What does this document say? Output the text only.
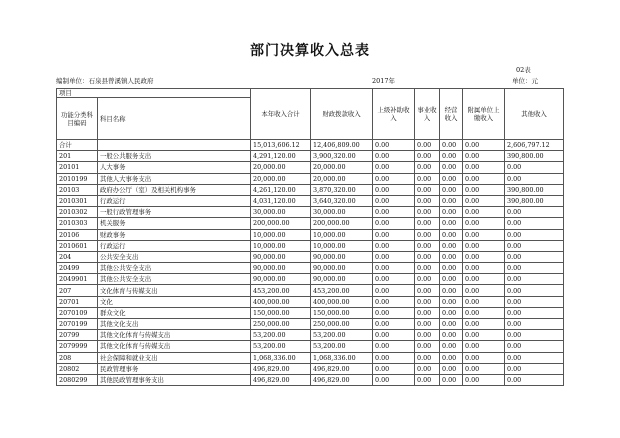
部门决算收入总表
02表
编制单位：石泉县曾溪镇人民政府	2017年	单位：元
项目		本年收入合计	财政拨款收入	上级补助收入	事业收入	经营收入	附属单位上缴收入	其他收入
功能分类科目编码	科目名称							
合计		15,013,606.12	12,406,809.00	0.00	0.00	0.00	0.00	2,606,797.12
201	一般公共服务支出	4,291,120.00	3,900,320.00	0.00	0.00	0.00	0.00	390,800.00
20101	人大事务	20,000.00	20,000.00	0.00	0.00	0.00	0.00	0.00
2010199	其他人大事务支出	20,000.00	20,000.00	0.00	0.00	0.00	0.00	0.00
20103	政府办公厅（室）及相关机构事务	4,261,120.00	3,870,320.00	0.00	0.00	0.00	0.00	390,800.00
2010301	行政运行	4,031,120.00	3,640,320.00	0.00	0.00	0.00	0.00	390,800.00
2010302	一般行政管理事务	30,000.00	30,000.00	0.00	0.00	0.00	0.00	0.00
2010303	机关服务	200,000.00	200,000.00	0.00	0.00	0.00	0.00	0.00
20106	财政事务	10,000.00	10,000.00	0.00	0.00	0.00	0.00	0.00
2010601	行政运行	10,000.00	10,000.00	0.00	0.00	0.00	0.00	0.00
204	公共安全支出	90,000.00	90,000.00	0.00	0.00	0.00	0.00	0.00
20499	其他公共安全支出	90,000.00	90,000.00	0.00	0.00	0.00	0.00	0.00
2049901	其他公共安全支出	90,000.00	90,000.00	0.00	0.00	0.00	0.00	0.00
207	文化体育与传媒支出	453,200.00	453,200.00	0.00	0.00	0.00	0.00	0.00
20701	文化	400,000.00	400,000.00	0.00	0.00	0.00	0.00	0.00
2070109	群众文化	150,000.00	150,000.00	0.00	0.00	0.00	0.00	0.00
2070199	其他文化支出	250,000.00	250,000.00	0.00	0.00	0.00	0.00	0.00
20799	其他文化体育与传媒支出	53,200.00	53,200.00	0.00	0.00	0.00	0.00	0.00
2079999	其他文化体育与传媒支出	53,200.00	53,200.00	0.00	0.00	0.00	0.00	0.00
208	社会保障和就业支出	1,068,336.00	1,068,336.00	0.00	0.00	0.00	0.00	0.00
20802	民政管理事务	496,829.00	496,829.00	0.00	0.00	0.00	0.00	0.00
2080299	其他民政管理事务支出	496,829.00	496,829.00	0.00	0.00	0.00	0.00	0.00
